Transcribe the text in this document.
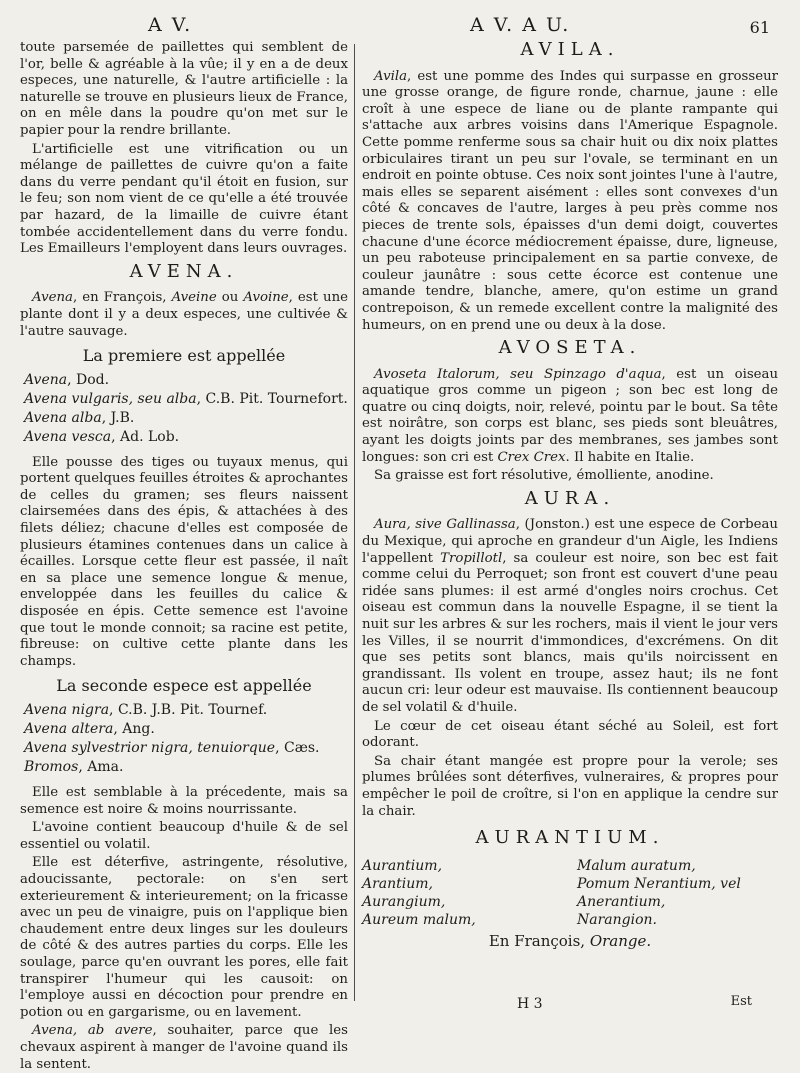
A V.	A V. A U.	61

toute parsemée de paillettes qui semblent de l'or, belle & agréable à la vûe; il y en a de deux especes, une naturelle, & l'autre artificielle : la naturelle se trouve en plusieurs lieux de France, on en mêle dans la poudre qu'on met sur le papier pour la rendre brillante.

L'artificielle est une vitrification ou un mélange de paillettes de cuivre qu'on a faite dans du verre pendant qu'il étoit en fusion, sur le feu; son nom vient de ce qu'elle a été trouvée par hazard, de la limaille de cuivre étant tombée accidentellement dans du verre fondu. Les Emailleurs l'employent dans leurs ouvrages.

AVENA.

Avena, en François, Aveine ou Avoine, est une plante dont il y a deux especes, une cultivée & l'autre sauvage.

La premiere est appellée
Avena, Dod.
Avena vulgaris, seu alba, C.B. Pit. Tournefort.
Avena alba, J.B.
Avena vesca, Ad. Lob.

Elle pousse des tiges ou tuyaux menus, qui portent quelques feuilles étroites & aprochantes de celles du gramen; ses fleurs naissent clairsemées dans des épis, & attachées à des filets déliez; chacune d'elles est composée de plusieurs étamines contenues dans un calice à écailles. Lorsque cette fleur est passée, il naît en sa place une semence longue & menue, enveloppée dans les feuilles du calice & disposée en épis. Cette semence est l'avoine que tout le monde connoit; sa racine est petite, fibreuse: on cultive cette plante dans les champs.

La seconde espece est appellée
Avena nigra, C.B. J.B. Pit. Tournef.
Avena altera, Ang.
Avena sylvestrior nigra, tenuiorque, Cæs.
Bromos, Ama.

Elle est semblable à la précedente, mais sa semence est noire & moins nourrissante.

L'avoine contient beaucoup d'huile & de sel essentiel ou volatil.

Elle est déterfive, astringente, résolutive, adoucissante, pectorale: on s'en sert exterieurement & interieurement; on la fricasse avec un peu de vinaigre, puis on l'applique bien chaudement entre deux linges sur les douleurs de côté & des autres parties du corps. Elle les soulage, parce qu'en ouvrant les pores, elle fait transpirer l'humeur qui les causoit: on l'employe aussi en décoction pour prendre en potion ou en gargarisme, ou en lavement.

Avena, ab avere, souhaiter, parce que les chevaux aspirent à manger de l'avoine quand ils la sentent.

AVILA.

Avila, est une pomme des Indes qui surpasse en grosseur une grosse orange, de figure ronde, charnue, jaune : elle croît à une espece de liane ou de plante rampante qui s'attache aux arbres voisins dans l'Amerique Espagnole. Cette pomme renferme sous sa chair huit ou dix noix plattes orbiculaires tirant un peu sur l'ovale, se terminant en un endroit en pointe obtuse. Ces noix sont jointes l'une à l'autre, mais elles se separent aisément : elles sont convexes d'un côté & concaves de l'autre, larges à peu près comme nos pieces de trente sols, épaisses d'un demi doigt, couvertes chacune d'une écorce médiocrement épaisse, dure, ligneuse, un peu raboteuse principalement en sa partie convexe, de couleur jaunâtre : sous cette écorce est contenue une amande tendre, blanche, amere, qu'on estime un grand contrepoison, & un remede excellent contre la malignité des humeurs, on en prend une ou deux à la dose.

AVOSETA.

Avoseta Italorum, seu Spinzago d'aqua, est un oiseau aquatique gros comme un pigeon ; son bec est long de quatre ou cinq doigts, noir, relevé, pointu par le bout. Sa tête est noirâtre, son corps est blanc, ses pieds sont bleuâtres, ayant les doigts joints par des membranes, ses jambes sont longues: son cri est Crex Crex. Il habite en Italie.

Sa graisse est fort résolutive, émolliente, anodine.

AURA.

Aura, sive Gallinassa, (Jonston.) est une espece de Corbeau du Mexique, qui aproche en grandeur d'un Aigle, les Indiens l'appellent Tropillotl, sa couleur est noire, son bec est fait comme celui du Perroquet; son front est couvert d'une peau ridée sans plumes: il est armé d'ongles noirs crochus. Cet oiseau est commun dans la nouvelle Espagne, il se tient la nuit sur les arbres & sur les rochers, mais il vient le jour vers les Villes, il se nourrit d'immondices, d'excrémens. On dit que ses petits sont blancs, mais qu'ils noircissent en grandissant. Ils volent en troupe, assez haut; ils ne font aucun cri: leur odeur est mauvaise. Ils contiennent beaucoup de sel volatil & d'huile.

Le cœur de cet oiseau étant séché au Soleil, est fort odorant.

Sa chair étant mangée est propre pour la verole; ses plumes brûlées sont déterfives, vulneraires, & propres pour empêcher le poil de croître, si l'on en applique la cendre sur la chair.

AURANTIUM.
Aurantium,	Malum auratum,
Arantium,	Pomum Nerantium, vel
Aurangium,	Anerantium,
Aureum malum,	Narangion.
En François, Orange.
H 3	Est
